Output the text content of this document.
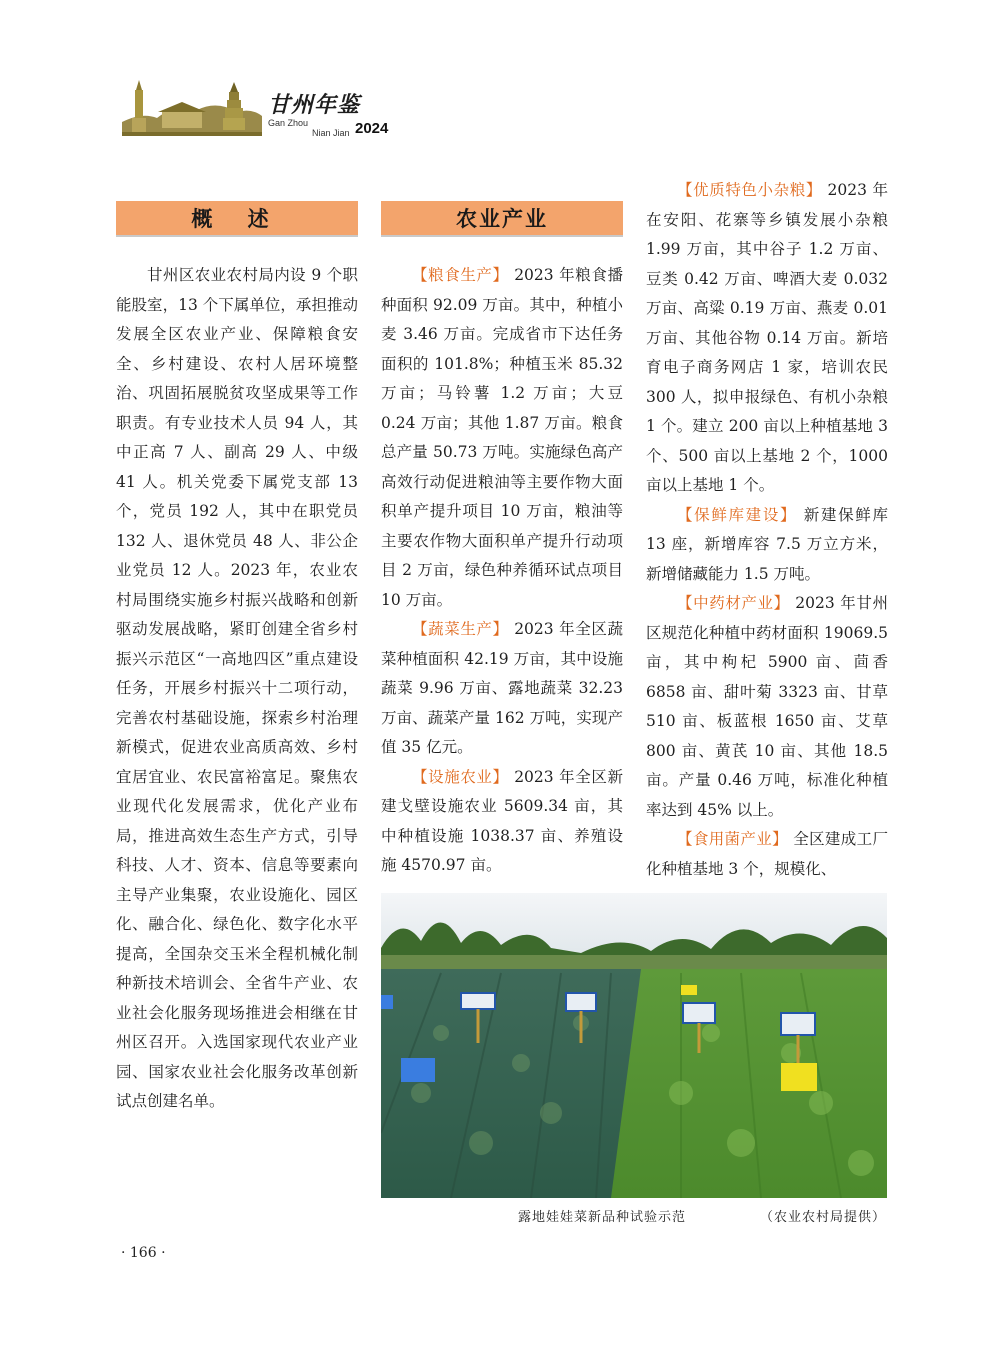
甘州年鉴
Gan Zhou
Nian Jian 2024
概 述	农业产业

甘州区农业农村局内设 9 个职能股室，13 个下属单位，承担推动发展全区农业产业、保障粮食安全、乡村建设、农村人居环境整治、巩固拓展脱贫攻坚成果等工作职责。有专业技术人员 94 人，其中正高 7 人、副高 29 人、中级 41 人。机关党委下属党支部 13 个，党员 192 人，其中在职党员 132 人、退休党员 48 人、非公企业党员 12 人。2023 年，农业农村局围绕实施乡村振兴战略和创新驱动发展战略，紧盯创建全省乡村振兴示范区“一高地四区”重点建设任务，开展乡村振兴十二项行动，完善农村基础设施，探索乡村治理新模式，促进农业高质高效、乡村宜居宜业、农民富裕富足。聚焦农业现代化发展需求，优化产业布局，推进高效生态生产方式，引导科技、人才、资本、信息等要素向主导产业集聚，农业设施化、园区化、融合化、绿色化、数字化水平提高，全国杂交玉米全程机械化制种新技术培训会、全省牛产业、农业社会化服务现场推进会相继在甘州区召开。入选国家现代农业产业园、国家农业社会化服务改革创新试点创建名单。

【粮食生产】 2023 年粮食播种面积 92.09 万亩。其中，种植小麦 3.46 万亩。完成省市下达任务面积的 101.8%；种植玉米 85.32 万亩；马铃薯 1.2 万亩；大豆 0.24 万亩；其他 1.87 万亩。粮食总产量 50.73 万吨。实施绿色高产高效行动促进粮油等主要作物大面积单产提升项目 10 万亩，粮油等主要农作物大面积单产提升行动项目 2 万亩，绿色种养循环试点项目 10 万亩。

【蔬菜生产】 2023 年全区蔬菜种植面积 42.19 万亩，其中设施蔬菜 9.96 万亩、露地蔬菜 32.23 万亩、蔬菜产量 162 万吨，实现产值 35 亿元。

【设施农业】 2023 年全区新建戈壁设施农业 5609.34 亩，其中种植设施 1038.37 亩、养殖设施 4570.97 亩。

【优质特色小杂粮】 2023 年在安阳、花寨等乡镇发展小杂粮 1.99 万亩，其中谷子 1.2 万亩、豆类 0.42 万亩、啤酒大麦 0.032 万亩、高粱 0.19 万亩、燕麦 0.01 万亩、其他谷物 0.14 万亩。新培育电子商务网店 1 家，培训农民 300 人，拟申报绿色、有机小杂粮 1 个。建立 200 亩以上种植基地 3 个、500 亩以上基地 2 个，1000 亩以上基地 1 个。

【保鲜库建设】 新建保鲜库 13 座，新增库容 7.5 万立方米，新增储藏能力 1.5 万吨。

【中药材产业】 2023 年甘州区规范化种植中药材面积 19069.5 亩，其中枸杞 5900 亩、茴香 6858 亩、甜叶菊 3323 亩、甘草 510 亩、板蓝根 1650 亩、艾草 800 亩、黄芪 10 亩、其他 18.5 亩。产量 0.46 万吨，标准化种植率达到 45% 以上。

【食用菌产业】 全区建成工厂化种植基地 3 个，规模化、

露地娃娃菜新品种试验示范	（农业农村局提供）
· 166 ·
